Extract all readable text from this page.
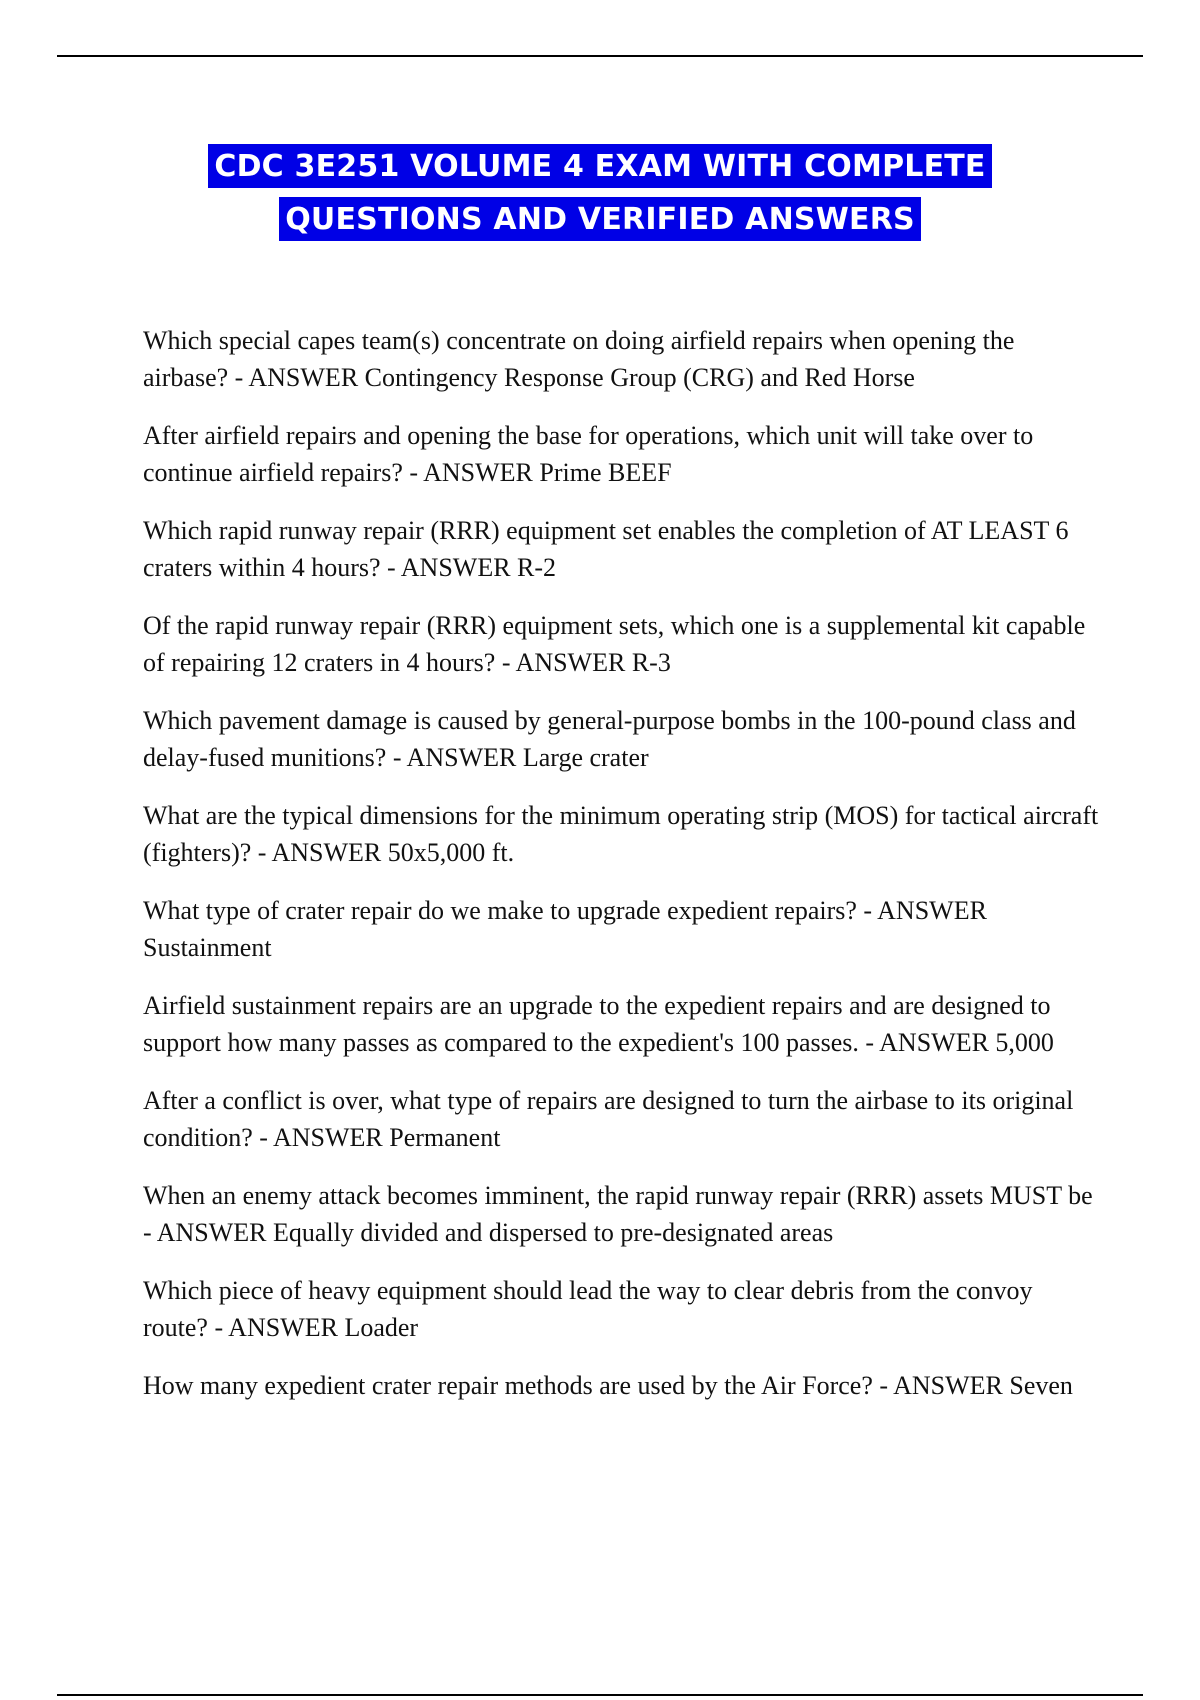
CDC 3E251 VOLUME 4 EXAM WITH COMPLETE
QUESTIONS AND VERIFIED ANSWERS

Which special capes team(s) concentrate on doing airfield repairs when opening the airbase? - ANSWER Contingency Response Group (CRG) and Red Horse

After airfield repairs and opening the base for operations, which unit will take over to continue airfield repairs? - ANSWER Prime BEEF

Which rapid runway repair (RRR) equipment set enables the completion of AT LEAST 6 craters within 4 hours? - ANSWER R-2

Of the rapid runway repair (RRR) equipment sets, which one is a supplemental kit capable of repairing 12 craters in 4 hours? - ANSWER R-3

Which pavement damage is caused by general-purpose bombs in the 100-pound class and delay-fused munitions? - ANSWER Large crater

What are the typical dimensions for the minimum operating strip (MOS) for tactical aircraft (fighters)? - ANSWER 50x5,000 ft.

What type of crater repair do we make to upgrade expedient repairs? - ANSWER Sustainment

Airfield sustainment repairs are an upgrade to the expedient repairs and are designed to support how many passes as compared to the expedient's 100 passes. - ANSWER 5,000

After a conflict is over, what type of repairs are designed to turn the airbase to its original condition? - ANSWER Permanent

When an enemy attack becomes imminent, the rapid runway repair (RRR) assets MUST be - ANSWER Equally divided and dispersed to pre-designated areas

Which piece of heavy equipment should lead the way to clear debris from the convoy route? - ANSWER Loader

How many expedient crater repair methods are used by the Air Force? - ANSWER Seven
